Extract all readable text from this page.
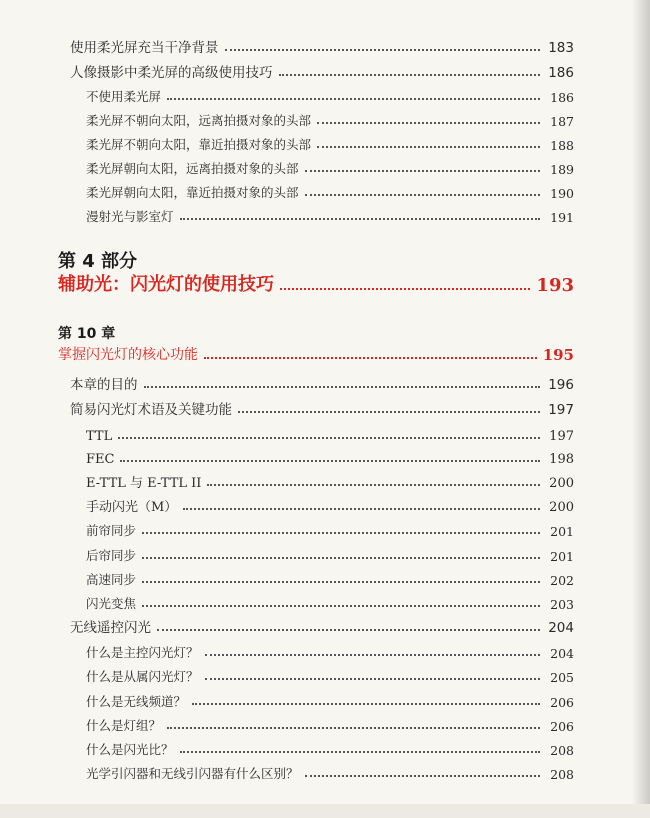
使用柔光屏充当干净背景	183
人像摄影中柔光屏的高级使用技巧	186
不使用柔光屏	186
柔光屏不朝向太阳，远离拍摄对象的头部	187
柔光屏不朝向太阳，靠近拍摄对象的头部	188
柔光屏朝向太阳，远离拍摄对象的头部	189
柔光屏朝向太阳，靠近拍摄对象的头部	190
漫射光与影室灯	191
第 4 部分
辅助光：闪光灯的使用技巧	193
第 10 章
掌握闪光灯的核心功能	195
本章的目的	196
简易闪光灯术语及关键功能	197
TTL	197
FEC	198
E-TTL 与 E-TTL II	200
手动闪光（M）	200
前帘同步	201
后帘同步	201
高速同步	202
闪光变焦	203
无线遥控闪光	204
什么是主控闪光灯？	204
什么是从属闪光灯？	205
什么是无线频道？	206
什么是灯组？	206
什么是闪光比？	208
光学引闪器和无线引闪器有什么区别？	208
